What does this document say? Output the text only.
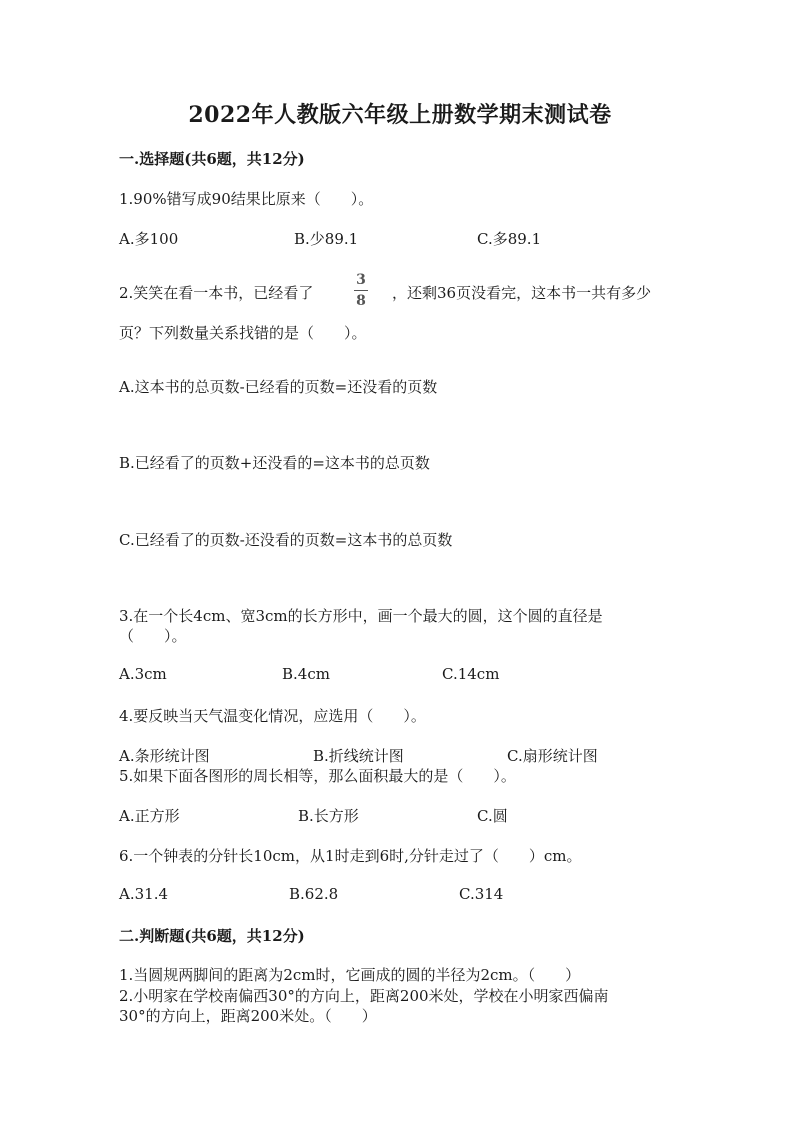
2022年人教版六年级上册数学期末测试卷
一.选择题(共6题，共12分)
1.90%错写成90结果比原来（　　）。
A.多100	B.少89.1	C.多89.1
2.笑笑在看一本书，已经看了
3
8 ，还剩36页没看完，这本书一共有多少
页？下列数量关系找错的是（　　）。
A.这本书的总页数-已经看的页数=还没看的页数
B.已经看了的页数+还没看的=这本书的总页数
C.已经看了的页数-还没看的页数=这本书的总页数
3.在一个长4cm、宽3cm的长方形中，画一个最大的圆，这个圆的直径是
（　　）。
A.3cm	B.4cm	C.14cm
4.要反映当天气温变化情况，应选用（　　）。
A.条形统计图	B.折线统计图	C.扇形统计图
5.如果下面各图形的周长相等，那么面积最大的是（　　）。
A.正方形	B.长方形	C.圆
6.一个钟表的分针长10cm，从1时走到6时,分针走过了（　　）cm。
A.31.4	B.62.8	C.314
二.判断题(共6题，共12分)
1.当圆规两脚间的距离为2cm时，它画成的圆的半径为2cm。（　　）
2.小明家在学校南偏西30°的方向上，距离200米处，学校在小明家西偏南
30°的方向上，距离200米处。（　　）
